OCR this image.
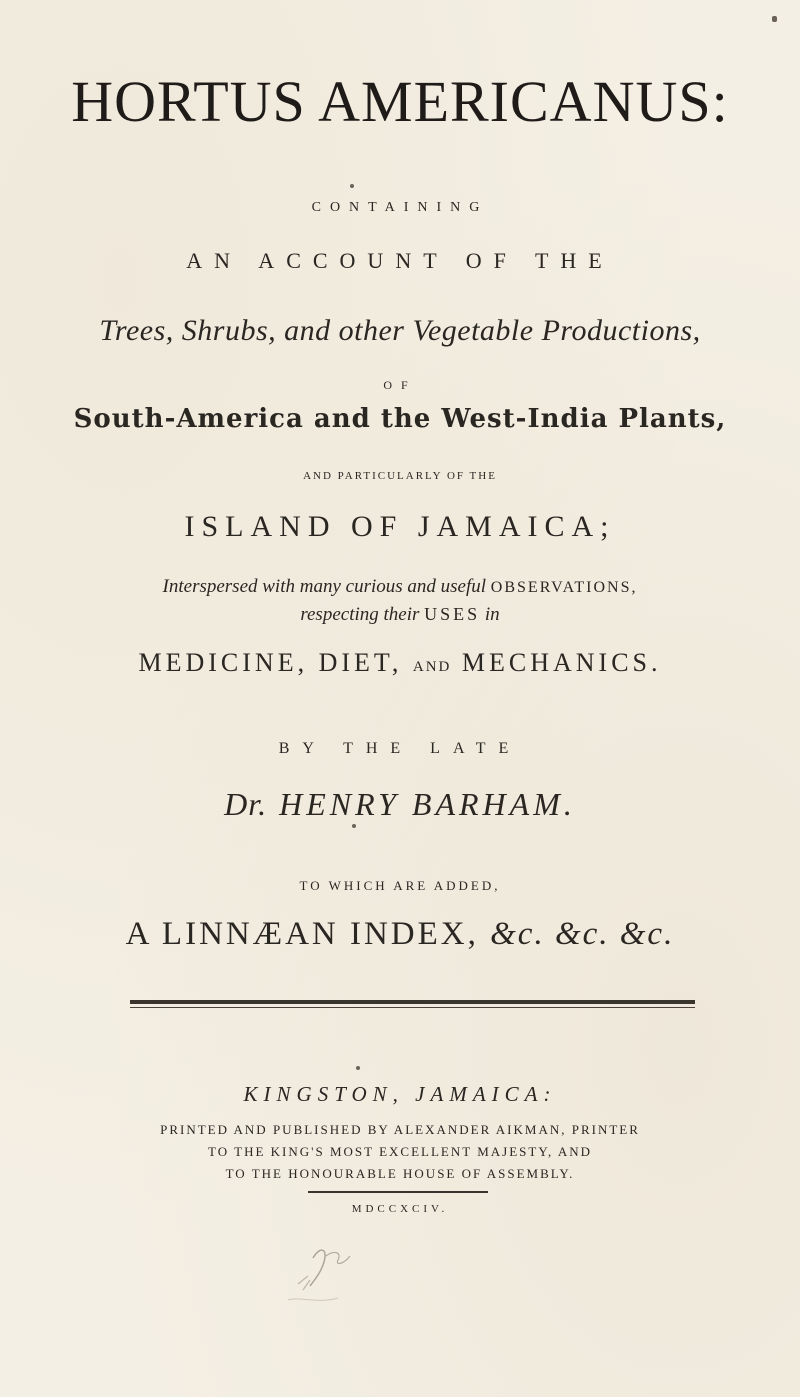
HORTUS AMERICANUS:
CONTAINING
AN ACCOUNT OF THE
Trees, Shrubs, and other Vegetable Productions,
OF
South-America and the West-India Plants,
AND PARTICULARLY OF THE
ISLAND OF JAMAICA;
Interspersed with many curious and useful OBSERVATIONS,
respecting their USES in
MEDICINE, DIET, AND MECHANICS.
BY THE LATE
Dr. HENRY BARHAM.
TO WHICH ARE ADDED,
A LINNÆAN INDEX, &c. &c. &c.
KINGSTON, JAMAICA:
PRINTED AND PUBLISHED BY ALEXANDER AIKMAN, PRINTER
TO THE KING'S MOST EXCELLENT MAJESTY, AND
TO THE HONOURABLE HOUSE OF ASSEMBLY.
MDCCXCIV.
